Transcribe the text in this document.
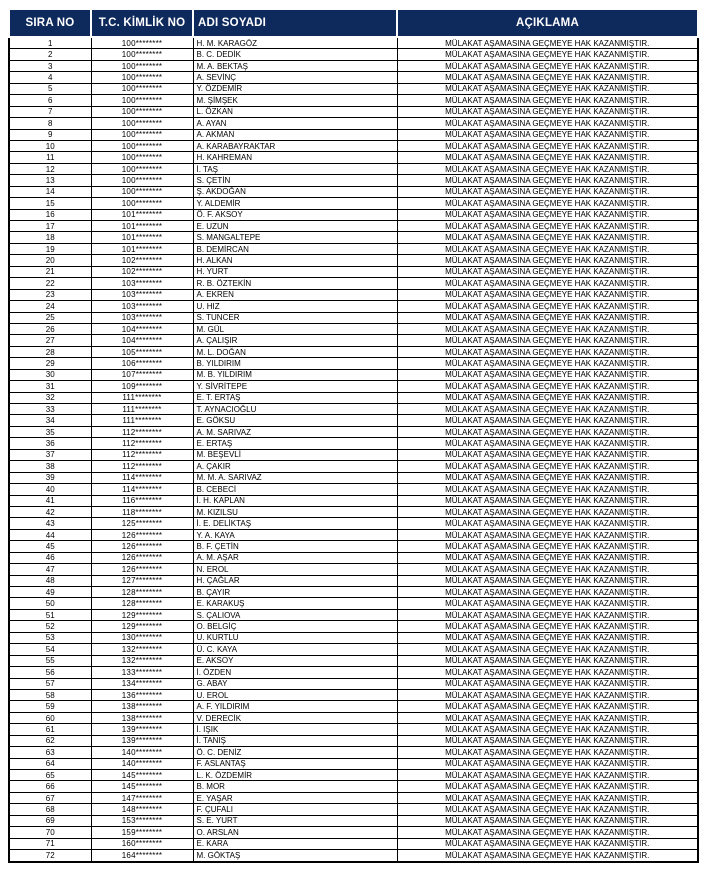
SIRA NO	T.C. KİMLİK NO	ADI SOYADI	AÇIKLAMA
1	100********	H. M. KARAGÖZ	MÜLAKAT AŞAMASINA GEÇMEYE HAK KAZANMIŞTIR.
2	100********	B. C. DEDİK	MÜLAKAT AŞAMASINA GEÇMEYE HAK KAZANMIŞTIR.
3	100********	M. A. BEKTAŞ	MÜLAKAT AŞAMASINA GEÇMEYE HAK KAZANMIŞTIR.
4	100********	A. SEVİNÇ	MÜLAKAT AŞAMASINA GEÇMEYE HAK KAZANMIŞTIR.
5	100********	Y. ÖZDEMİR	MÜLAKAT AŞAMASINA GEÇMEYE HAK KAZANMIŞTIR.
6	100********	M. ŞİMŞEK	MÜLAKAT AŞAMASINA GEÇMEYE HAK KAZANMIŞTIR.
7	100********	L. ÖZKAN	MÜLAKAT AŞAMASINA GEÇMEYE HAK KAZANMIŞTIR.
8	100********	A. AYAN	MÜLAKAT AŞAMASINA GEÇMEYE HAK KAZANMIŞTIR.
9	100********	A. AKMAN	MÜLAKAT AŞAMASINA GEÇMEYE HAK KAZANMIŞTIR.
10	100********	A. KARABAYRAKTAR	MÜLAKAT AŞAMASINA GEÇMEYE HAK KAZANMIŞTIR.
11	100********	H. KAHREMAN	MÜLAKAT AŞAMASINA GEÇMEYE HAK KAZANMIŞTIR.
12	100********	İ. TAŞ	MÜLAKAT AŞAMASINA GEÇMEYE HAK KAZANMIŞTIR.
13	100********	S. ÇETİN	MÜLAKAT AŞAMASINA GEÇMEYE HAK KAZANMIŞTIR.
14	100********	Ş. AKDOĞAN	MÜLAKAT AŞAMASINA GEÇMEYE HAK KAZANMIŞTIR.
15	100********	Y. ALDEMİR	MÜLAKAT AŞAMASINA GEÇMEYE HAK KAZANMIŞTIR.
16	101********	Ö. F. AKSOY	MÜLAKAT AŞAMASINA GEÇMEYE HAK KAZANMIŞTIR.
17	101********	E. UZUN	MÜLAKAT AŞAMASINA GEÇMEYE HAK KAZANMIŞTIR.
18	101********	S. MANGALTEPE	MÜLAKAT AŞAMASINA GEÇMEYE HAK KAZANMIŞTIR.
19	101********	B. DEMİRCAN	MÜLAKAT AŞAMASINA GEÇMEYE HAK KAZANMIŞTIR.
20	102********	H. ALKAN	MÜLAKAT AŞAMASINA GEÇMEYE HAK KAZANMIŞTIR.
21	102********	H. YURT	MÜLAKAT AŞAMASINA GEÇMEYE HAK KAZANMIŞTIR.
22	103********	R. B. ÖZTEKİN	MÜLAKAT AŞAMASINA GEÇMEYE HAK KAZANMIŞTIR.
23	103********	A. EKREN	MÜLAKAT AŞAMASINA GEÇMEYE HAK KAZANMIŞTIR.
24	103********	U. HIZ	MÜLAKAT AŞAMASINA GEÇMEYE HAK KAZANMIŞTIR.
25	103********	S. TUNCER	MÜLAKAT AŞAMASINA GEÇMEYE HAK KAZANMIŞTIR.
26	104********	M. GÜL	MÜLAKAT AŞAMASINA GEÇMEYE HAK KAZANMIŞTIR.
27	104********	A. ÇALIŞIR	MÜLAKAT AŞAMASINA GEÇMEYE HAK KAZANMIŞTIR.
28	105********	M. L. DOĞAN	MÜLAKAT AŞAMASINA GEÇMEYE HAK KAZANMIŞTIR.
29	106********	B. YILDIRIM	MÜLAKAT AŞAMASINA GEÇMEYE HAK KAZANMIŞTIR.
30	107********	M. B. YILDIRIM	MÜLAKAT AŞAMASINA GEÇMEYE HAK KAZANMIŞTIR.
31	109********	Y. SİVRİTEPE	MÜLAKAT AŞAMASINA GEÇMEYE HAK KAZANMIŞTIR.
32	111********	E. T. ERTAŞ	MÜLAKAT AŞAMASINA GEÇMEYE HAK KAZANMIŞTIR.
33	111********	T. AYNACIOĞLU	MÜLAKAT AŞAMASINA GEÇMEYE HAK KAZANMIŞTIR.
34	111********	E. GÖKSU	MÜLAKAT AŞAMASINA GEÇMEYE HAK KAZANMIŞTIR.
35	112********	A. M. SARIVAZ	MÜLAKAT AŞAMASINA GEÇMEYE HAK KAZANMIŞTIR.
36	112********	E. ERTAŞ	MÜLAKAT AŞAMASINA GEÇMEYE HAK KAZANMIŞTIR.
37	112********	M. BEŞEVLİ	MÜLAKAT AŞAMASINA GEÇMEYE HAK KAZANMIŞTIR.
38	112********	A. ÇAKIR	MÜLAKAT AŞAMASINA GEÇMEYE HAK KAZANMIŞTIR.
39	114********	M. M. A. SARIVAZ	MÜLAKAT AŞAMASINA GEÇMEYE HAK KAZANMIŞTIR.
40	114********	B. CEBECİ	MÜLAKAT AŞAMASINA GEÇMEYE HAK KAZANMIŞTIR.
41	116********	İ. H. KAPLAN	MÜLAKAT AŞAMASINA GEÇMEYE HAK KAZANMIŞTIR.
42	118********	M. KIZILSU	MÜLAKAT AŞAMASINA GEÇMEYE HAK KAZANMIŞTIR.
43	125********	İ. E. DELİKTAŞ	MÜLAKAT AŞAMASINA GEÇMEYE HAK KAZANMIŞTIR.
44	126********	Y. A. KAYA	MÜLAKAT AŞAMASINA GEÇMEYE HAK KAZANMIŞTIR.
45	126********	B. F. ÇETİN	MÜLAKAT AŞAMASINA GEÇMEYE HAK KAZANMIŞTIR.
46	126********	A. M. AŞAR	MÜLAKAT AŞAMASINA GEÇMEYE HAK KAZANMIŞTIR.
47	126********	N. EROL	MÜLAKAT AŞAMASINA GEÇMEYE HAK KAZANMIŞTIR.
48	127********	H. ÇAĞLAR	MÜLAKAT AŞAMASINA GEÇMEYE HAK KAZANMIŞTIR.
49	128********	B. ÇAYIR	MÜLAKAT AŞAMASINA GEÇMEYE HAK KAZANMIŞTIR.
50	128********	E. KARAKUŞ	MÜLAKAT AŞAMASINA GEÇMEYE HAK KAZANMIŞTIR.
51	129********	S. ÇALIOVA	MÜLAKAT AŞAMASINA GEÇMEYE HAK KAZANMIŞTIR.
52	129********	O. BELGİÇ	MÜLAKAT AŞAMASINA GEÇMEYE HAK KAZANMIŞTIR.
53	130********	U. KURTLU	MÜLAKAT AŞAMASINA GEÇMEYE HAK KAZANMIŞTIR.
54	132********	Ü. C. KAYA	MÜLAKAT AŞAMASINA GEÇMEYE HAK KAZANMIŞTIR.
55	132********	E. AKSOY	MÜLAKAT AŞAMASINA GEÇMEYE HAK KAZANMIŞTIR.
56	133********	İ. ÖZDEN	MÜLAKAT AŞAMASINA GEÇMEYE HAK KAZANMIŞTIR.
57	134********	G. ABAY	MÜLAKAT AŞAMASINA GEÇMEYE HAK KAZANMIŞTIR.
58	136********	U. EROL	MÜLAKAT AŞAMASINA GEÇMEYE HAK KAZANMIŞTIR.
59	138********	A. F. YILDIRIM	MÜLAKAT AŞAMASINA GEÇMEYE HAK KAZANMIŞTIR.
60	138********	V. DERECİK	MÜLAKAT AŞAMASINA GEÇMEYE HAK KAZANMIŞTIR.
61	139********	İ. IŞIK	MÜLAKAT AŞAMASINA GEÇMEYE HAK KAZANMIŞTIR.
62	139********	İ. TANIŞ	MÜLAKAT AŞAMASINA GEÇMEYE HAK KAZANMIŞTIR.
63	140********	Ö. C. DENİZ	MÜLAKAT AŞAMASINA GEÇMEYE HAK KAZANMIŞTIR.
64	140********	F. ASLANTAŞ	MÜLAKAT AŞAMASINA GEÇMEYE HAK KAZANMIŞTIR.
65	145********	L. K. ÖZDEMİR	MÜLAKAT AŞAMASINA GEÇMEYE HAK KAZANMIŞTIR.
66	145********	B. MOR	MÜLAKAT AŞAMASINA GEÇMEYE HAK KAZANMIŞTIR.
67	147********	E. YAŞAR	MÜLAKAT AŞAMASINA GEÇMEYE HAK KAZANMIŞTIR.
68	148********	F. ÇUFALI	MÜLAKAT AŞAMASINA GEÇMEYE HAK KAZANMIŞTIR.
69	153********	S. E. YURT	MÜLAKAT AŞAMASINA GEÇMEYE HAK KAZANMIŞTIR.
70	159********	O. ARSLAN	MÜLAKAT AŞAMASINA GEÇMEYE HAK KAZANMIŞTIR.
71	160********	E. KARA	MÜLAKAT AŞAMASINA GEÇMEYE HAK KAZANMIŞTIR.
72	164********	M. GÖKTAŞ	MÜLAKAT AŞAMASINA GEÇMEYE HAK KAZANMIŞTIR.
